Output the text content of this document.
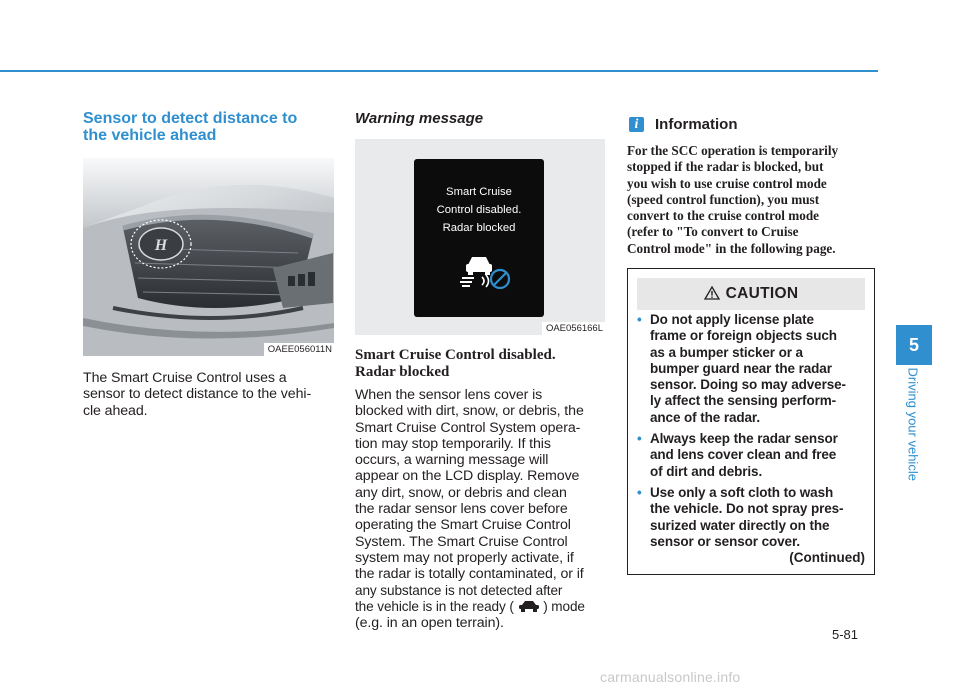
Sensor to detect distance to
the vehicle ahead
H
OAEE056011N
The Smart Cruise Control uses a
sensor to detect distance to the vehi-
cle ahead.
Warning message
Smart Cruise
Control disabled.
Radar blocked
OAE056166L
Smart Cruise Control disabled.
Radar blocked
When the sensor lens cover is
blocked with dirt, snow, or debris, the
Smart Cruise Control System opera-
tion may stop temporarily. If this
occurs, a warning message will
appear on the LCD display. Remove
any dirt, snow, or debris and clean
the radar sensor lens cover before
operating the Smart Cruise Control
System. The Smart Cruise Control
system may not properly activate, if
the radar is totally contaminated, or if
any substance is not detected after
the vehicle is in the ready ( ) mode
(e.g. in an open terrain).
i	Information
For the SCC operation is temporarily
stopped if the radar is blocked, but
you wish to use cruise control mode
(speed control function), you must
convert to the cruise control mode
(refer to "To convert to Cruise
Control mode" in the following page.
CAUTION
• Do not apply license plate
frame or foreign objects such
as a bumper sticker or a
bumper guard near the radar
sensor. Doing so may adverse-
ly affect the sensing perform-
ance of the radar.
• Always keep the radar sensor
and lens cover clean and free
of dirt and debris.
• Use only a soft cloth to wash
the vehicle. Do not spray pres-
surized water directly on the
sensor or sensor cover.
(Continued)
5
Driving your vehicle
5-81
carmanualsonline.info
